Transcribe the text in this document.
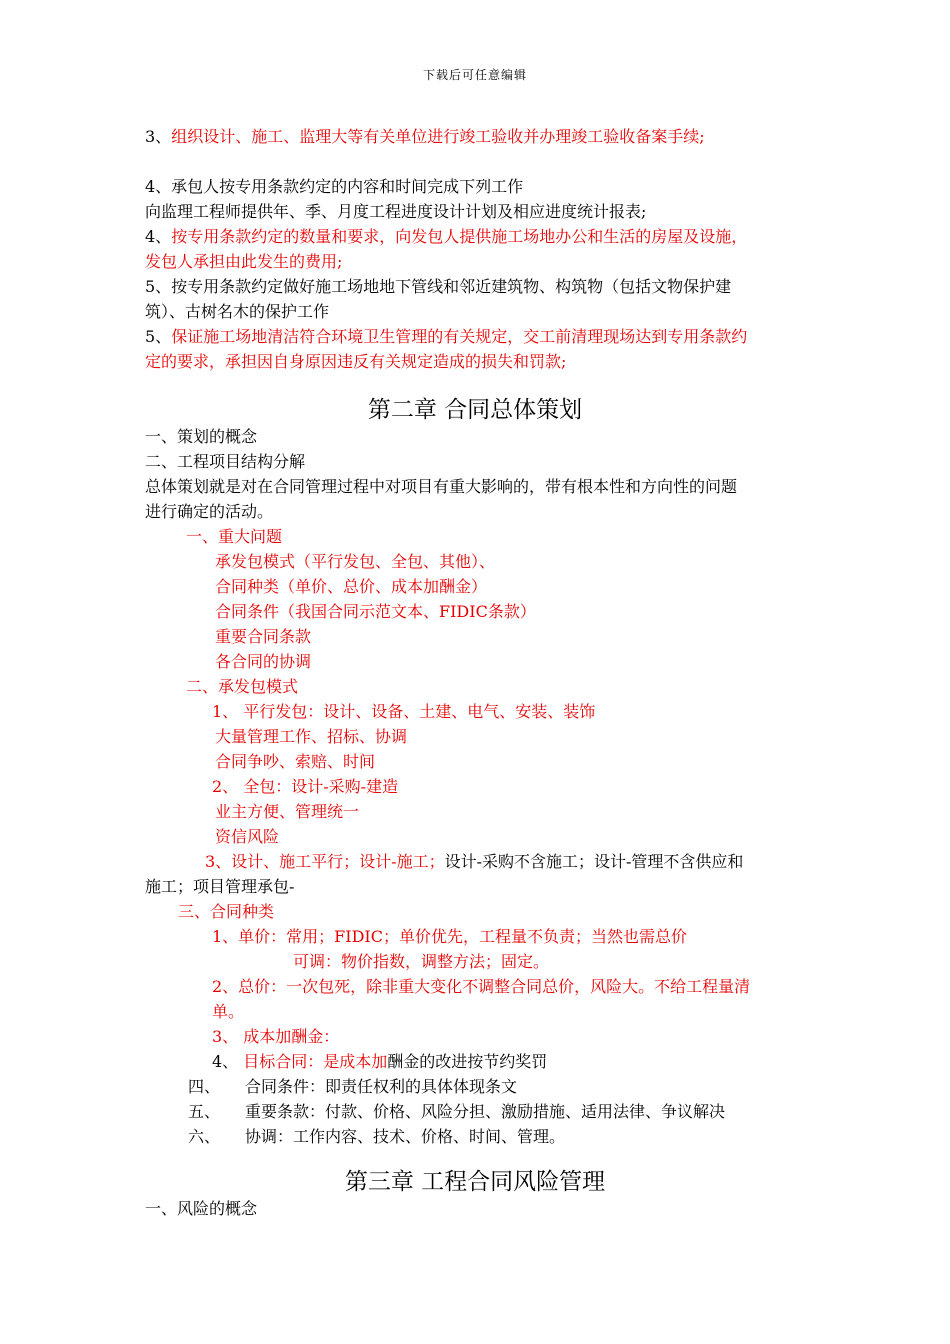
下载后可任意编辑
3、组织设计、施工、监理大等有关单位进行竣工验收并办理竣工验收备案手续;
4、承包人按专用条款约定的内容和时间完成下列工作
向监理工程师提供年、季、月度工程进度设计计划及相应进度统计报表;
4、按专用条款约定的数量和要求，向发包人提供施工场地办公和生活的房屋及设施，
发包人承担由此发生的费用;
5、按专用条款约定做好施工场地地下管线和邻近建筑物、构筑物（包括文物保护建
筑）、古树名木的保护工作
5、保证施工场地清洁符合环境卫生管理的有关规定，交工前清理现场达到专用条款约
定的要求，承担因自身原因违反有关规定造成的损失和罚款;
第二章 合同总体策划
一、策划的概念
二、工程项目结构分解
总体策划就是对在合同管理过程中对项目有重大影响的，带有根本性和方向性的问题
进行确定的活动。
一、重大问题
承发包模式（平行发包、全包、其他）、
合同种类（单价、总价、成本加酬金）
合同条件（我国合同示范文本、FIDIC条款）
重要合同条款
各合同的协调
二、承发包模式
1、 平行发包：设计、设备、土建、电气、安装、装饰
大量管理工作、招标、协调
合同争吵、索赔、时间
2、 全包：设计-采购-建造
业主方便、管理统一
资信风险
3、设计、施工平行；设计-施工；设计-采购不含施工；设计-管理不含供应和
施工；项目管理承包-
三、合同种类
1、单价：常用；FIDIC；单价优先，工程量不负责；当然也需总价
可调：物价指数，调整方法；固定。
2、总价：一次包死，除非重大变化不调整合同总价，风险大。不给工程量清
单。
3、 成本加酬金：
4、 目标合同：是成本加酬金的改进按节约奖罚
四、 合同条件：即责任权利的具体体现条文
五、 重要条款：付款、价格、风险分担、激励措施、适用法律、争议解决
六、 协调：工作内容、技术、价格、时间、管理。
第三章 工程合同风险管理
一、风险的概念
